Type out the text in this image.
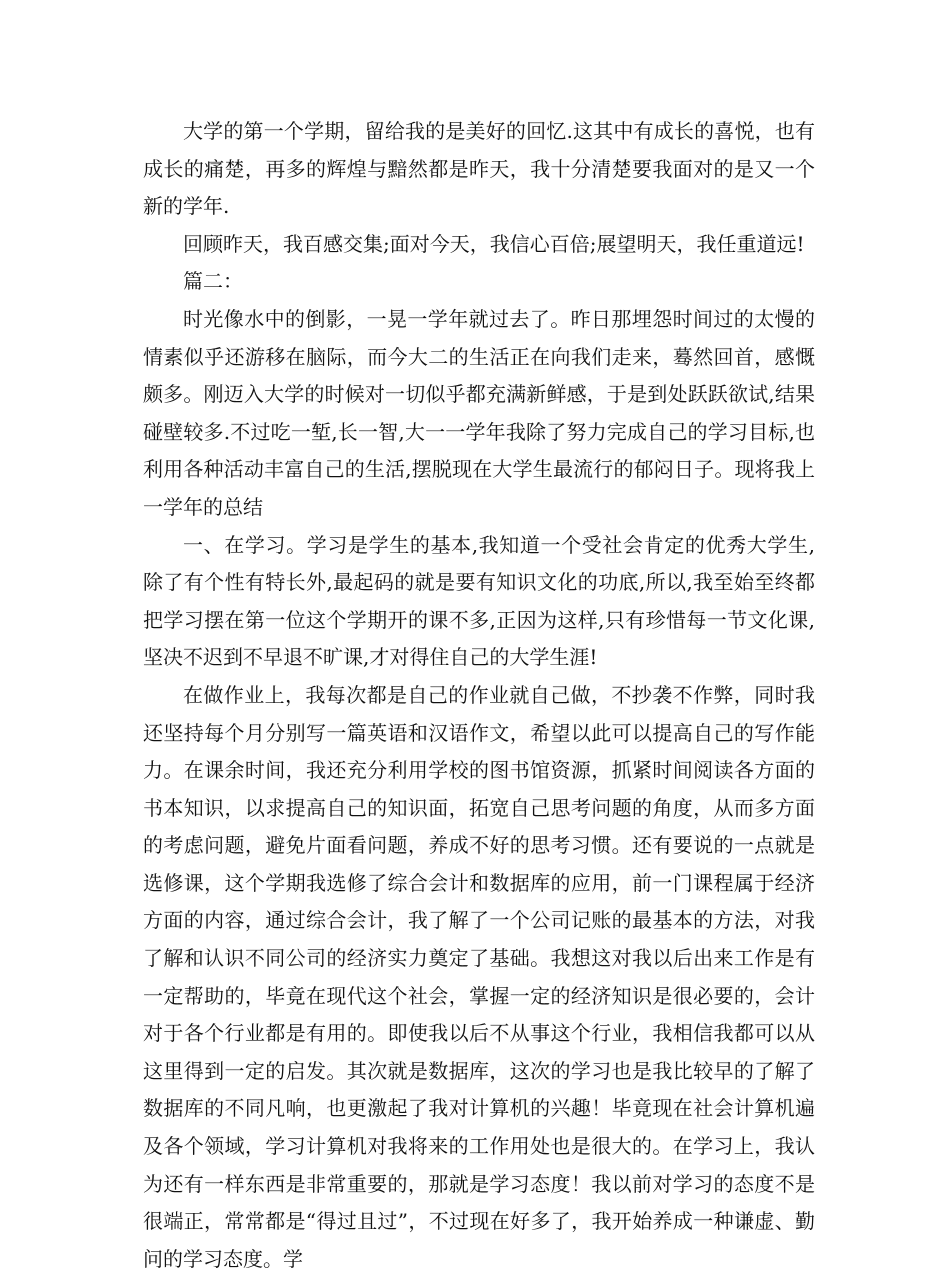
大学的第一个学期，留给我的是美好的回忆.这其中有成长的喜悦，也有成长的痛楚，再多的辉煌与黯然都是昨天，我十分清楚要我面对的是又一个新的学年.

回顾昨天，我百感交集;面对今天，我信心百倍;展望明天，我任重道远!

篇二：

时光像水中的倒影，一晃一学年就过去了。昨日那埋怨时间过的太慢的情素似乎还游移在脑际，而今大二的生活正在向我们走来，蓦然回首，感慨颇多。刚迈入大学的时候对一切似乎都充满新鲜感，于是到处跃跃欲试,结果碰壁较多.不过吃一堑,长一智,大一一学年我除了努力完成自己的学习目标,也利用各种活动丰富自己的生活,摆脱现在大学生最流行的郁闷日子。现将我上一学年的总结

一、在学习。学习是学生的基本,我知道一个受社会肯定的优秀大学生,除了有个性有特长外,最起码的就是要有知识文化的功底,所以,我至始至终都把学习摆在第一位这个学期开的课不多,正因为这样,只有珍惜每一节文化课,坚决不迟到不早退不旷课,才对得住自己的大学生涯!

在做作业上，我每次都是自己的作业就自己做，不抄袭不作弊，同时我还坚持每个月分别写一篇英语和汉语作文，希望以此可以提高自己的写作能力。在课余时间，我还充分利用学校的图书馆资源，抓紧时间阅读各方面的书本知识，以求提高自己的知识面，拓宽自己思考问题的角度，从而多方面的考虑问题，避免片面看问题，养成不好的思考习惯。还有要说的一点就是选修课，这个学期我选修了综合会计和数据库的应用，前一门课程属于经济方面的内容，通过综合会计，我了解了一个公司记账的最基本的方法，对我了解和认识不同公司的经济实力奠定了基础。我想这对我以后出来工作是有一定帮助的，毕竟在现代这个社会，掌握一定的经济知识是很必要的，会计对于各个行业都是有用的。即使我以后不从事这个行业，我相信我都可以从这里得到一定的启发。其次就是数据库，这次的学习也是我比较早的了解了数据库的不同凡响，也更激起了我对计算机的兴趣！毕竟现在社会计算机遍及各个领域，学习计算机对我将来的工作用处也是很大的。在学习上，我认为还有一样东西是非常重要的，那就是学习态度！我以前对学习的态度不是很端正，常常都是“得过且过”，不过现在好多了，我开始养成一种谦虚、勤问的学习态度。学
